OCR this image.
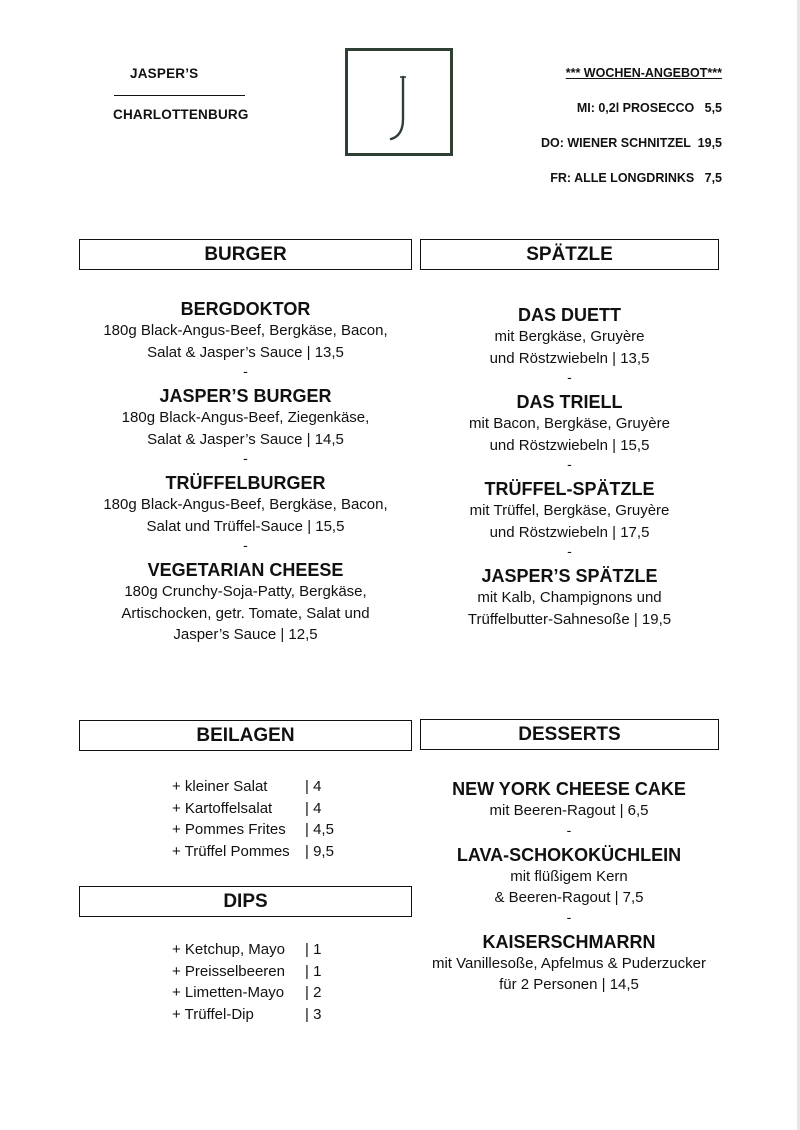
JASPER’S
CHARLOTTENBURG
*** WOCHEN-ANGEBOT***
MI: 0,2l PROSECCO   5,5
DO: WIENER SCHNITZEL  19,5
FR: ALLE LONGDRINKS   7,5
BURGER
BERGDOKTOR
180g Black-Angus-Beef, Bergkäse, Bacon,
Salat & Jasper’s Sauce | 13,5
-
JASPER’S BURGER
180g Black-Angus-Beef, Ziegenkäse,
Salat & Jasper’s Sauce | 14,5
-
TRÜFFELBURGER
180g Black-Angus-Beef, Bergkäse, Bacon,
Salat und Trüffel-Sauce | 15,5
-
VEGETARIAN CHEESE
180g Crunchy-Soja-Patty, Bergkäse,
Artischocken, getr. Tomate, Salat und
Jasper’s Sauce | 12,5
SPÄTZLE
DAS DUETT
mit Bergkäse, Gruyère
und Röstzwiebeln | 13,5
-
DAS TRIELL
mit Bacon, Bergkäse, Gruyère
und Röstzwiebeln | 15,5
-
TRÜFFEL-SPÄTZLE
mit Trüffel, Bergkäse, Gruyère
und Röstzwiebeln | 17,5
-
JASPER’S SPÄTZLE
mit Kalb, Champignons und
Trüffelbutter-Sahnesoße | 19,5
BEILAGEN
+ kleiner Salat	| 4
+ Kartoffelsalat	| 4
+ Pommes Frites	| 4,5
+ Trüffel Pommes	| 9,5
DIPS
+ Ketchup, Mayo	| 1
+ Preisselbeeren	| 1
+ Limetten-Mayo	| 2
+ Trüffel-Dip	| 3
DESSERTS
NEW YORK CHEESE CAKE
mit Beeren-Ragout | 6,5
-
LAVA-SCHOKOKÜCHLEIN
mit flüßigem Kern
& Beeren-Ragout | 7,5
-
KAISERSCHMARRN
mit Vanillesoße, Apfelmus & Puderzucker
für 2 Personen | 14,5
